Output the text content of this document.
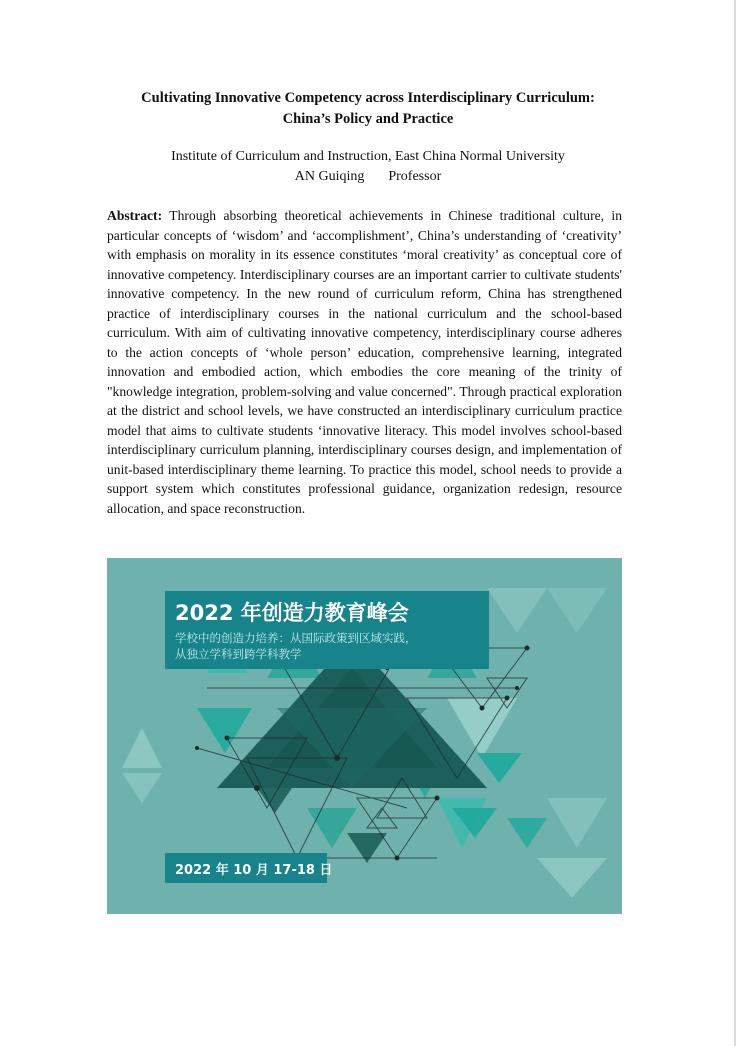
Cultivating Innovative Competency across Interdisciplinary Curriculum:
China’s Policy and Practice
Institute of Curriculum and Instruction, East China Normal University
AN Guiqing Professor
Abstract: Through absorbing theoretical achievements in Chinese traditional culture, in particular concepts of ‘wisdom’ and ‘accomplishment’, China’s understanding of ‘creativity’ with emphasis on morality in its essence constitutes ‘moral creativity’ as conceptual core of innovative competency. Interdisciplinary courses are an important carrier to cultivate students' innovative competency. In the new round of curriculum reform, China has strengthened practice of interdisciplinary courses in the national curriculum and the school-based curriculum. With aim of cultivating innovative competency, interdisciplinary course adheres to the action concepts of ‘whole person’ education, comprehensive learning, integrated innovation and embodied action, which embodies the core meaning of the trinity of "knowledge integration, problem-solving and value concerned". Through practical exploration at the district and school levels, we have constructed an interdisciplinary curriculum practice model that aims to cultivate students ‘innovative literacy. This model involves school-based interdisciplinary curriculum planning, interdisciplinary courses design, and implementation of unit-based interdisciplinary theme learning. To practice this model, school needs to provide a support system which constitutes professional guidance, organization redesign, resource allocation, and space reconstruction.
2022 年创造力教育峰会
学校中的创造力培养：从国际政策到区域实践，
从独立学科到跨学科教学
2022 年 10 月 17-18 日
